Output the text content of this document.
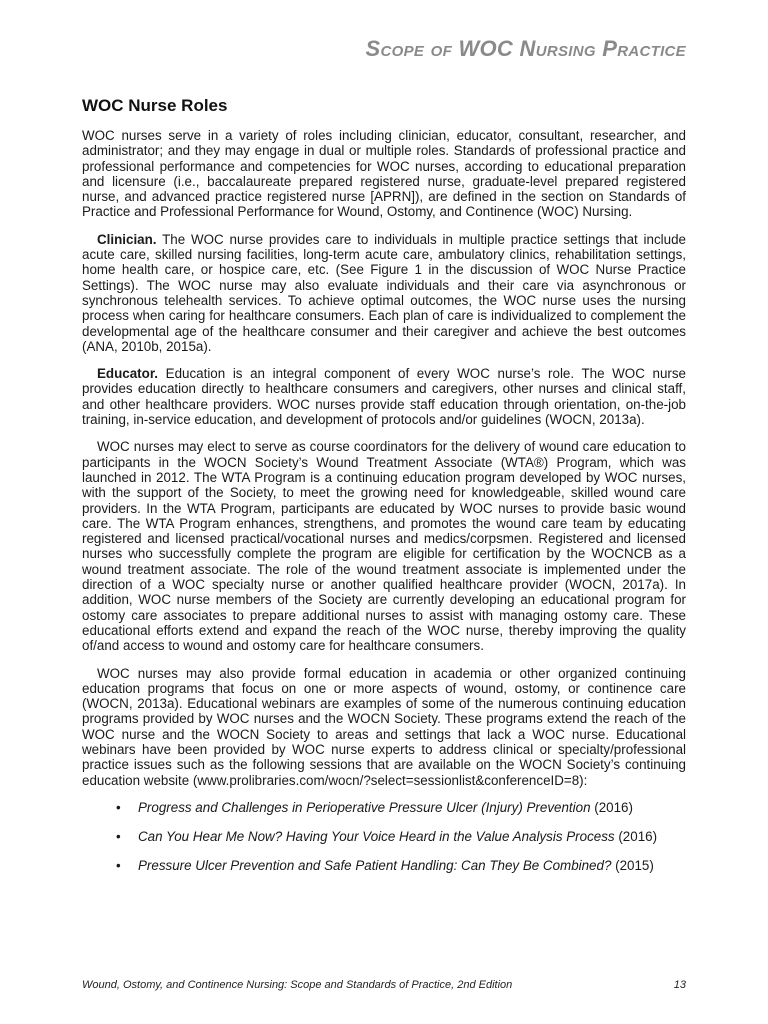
Scope of WOC Nursing Practice
WOC Nurse Roles

WOC nurses serve in a variety of roles including clinician, educator, consultant, researcher, and administrator; and they may engage in dual or multiple roles. Standards of professional practice and professional performance and competencies for WOC nurses, according to educational preparation and licensure (i.e., baccalaureate prepared registered nurse, graduate-level prepared registered nurse, and advanced practice registered nurse [APRN]), are defined in the section on Standards of Practice and Professional Performance for Wound, Ostomy, and Continence (WOC) Nursing.

Clinician. The WOC nurse provides care to individuals in multiple practice settings that include acute care, skilled nursing facilities, long-term acute care, ambulatory clinics, rehabilitation settings, home health care, or hospice care, etc. (See Figure 1 in the discussion of WOC Nurse Practice Settings). The WOC nurse may also evaluate individuals and their care via asynchronous or synchronous telehealth services. To achieve optimal outcomes, the WOC nurse uses the nursing process when caring for healthcare consumers. Each plan of care is individualized to complement the developmental age of the healthcare consumer and their caregiver and achieve the best outcomes (ANA, 2010b, 2015a).

Educator. Education is an integral component of every WOC nurse’s role. The WOC nurse provides education directly to healthcare consumers and caregivers, other nurses and clinical staff, and other healthcare providers. WOC nurses provide staff education through orientation, on-the-job training, in-service education, and development of protocols and/or guidelines (WOCN, 2013a).

WOC nurses may elect to serve as course coordinators for the delivery of wound care education to participants in the WOCN Society’s Wound Treatment Associate (WTA®) Program, which was launched in 2012. The WTA Program is a continuing education program developed by WOC nurses, with the support of the Society, to meet the growing need for knowledgeable, skilled wound care providers. In the WTA Program, participants are educated by WOC nurses to provide basic wound care. The WTA Program enhances, strengthens, and promotes the wound care team by educating registered and licensed practical/vocational nurses and medics/corpsmen. Registered and licensed nurses who successfully complete the program are eligible for certification by the WOCNCB as a wound treatment associate. The role of the wound treatment associate is implemented under the direction of a WOC specialty nurse or another qualified healthcare provider (WOCN, 2017a). In addition, WOC nurse members of the Society are currently developing an educational program for ostomy care associates to prepare additional nurses to assist with managing ostomy care. These educational efforts extend and expand the reach of the WOC nurse, thereby improving the quality of/and access to wound and ostomy care for healthcare consumers.

WOC nurses may also provide formal education in academia or other organized continuing education programs that focus on one or more aspects of wound, ostomy, or continence care (WOCN, 2013a). Educational webinars are examples of some of the numerous continuing education programs provided by WOC nurses and the WOCN Society. These programs extend the reach of the WOC nurse and the WOCN Society to areas and settings that lack a WOC nurse. Educational webinars have been provided by WOC nurse experts to address clinical or specialty/professional practice issues such as the following sessions that are available on the WOCN Society’s continuing education website (www.prolibraries.com/wocn/?select=sessionlist&conferenceID=8):

• Progress and Challenges in Perioperative Pressure Ulcer (Injury) Prevention (2016)
• Can You Hear Me Now? Having Your Voice Heard in the Value Analysis Process (2016)
• Pressure Ulcer Prevention and Safe Patient Handling: Can They Be Combined? (2015)
Wound, Ostomy, and Continence Nursing: Scope and Standards of Practice, 2nd Edition	13
